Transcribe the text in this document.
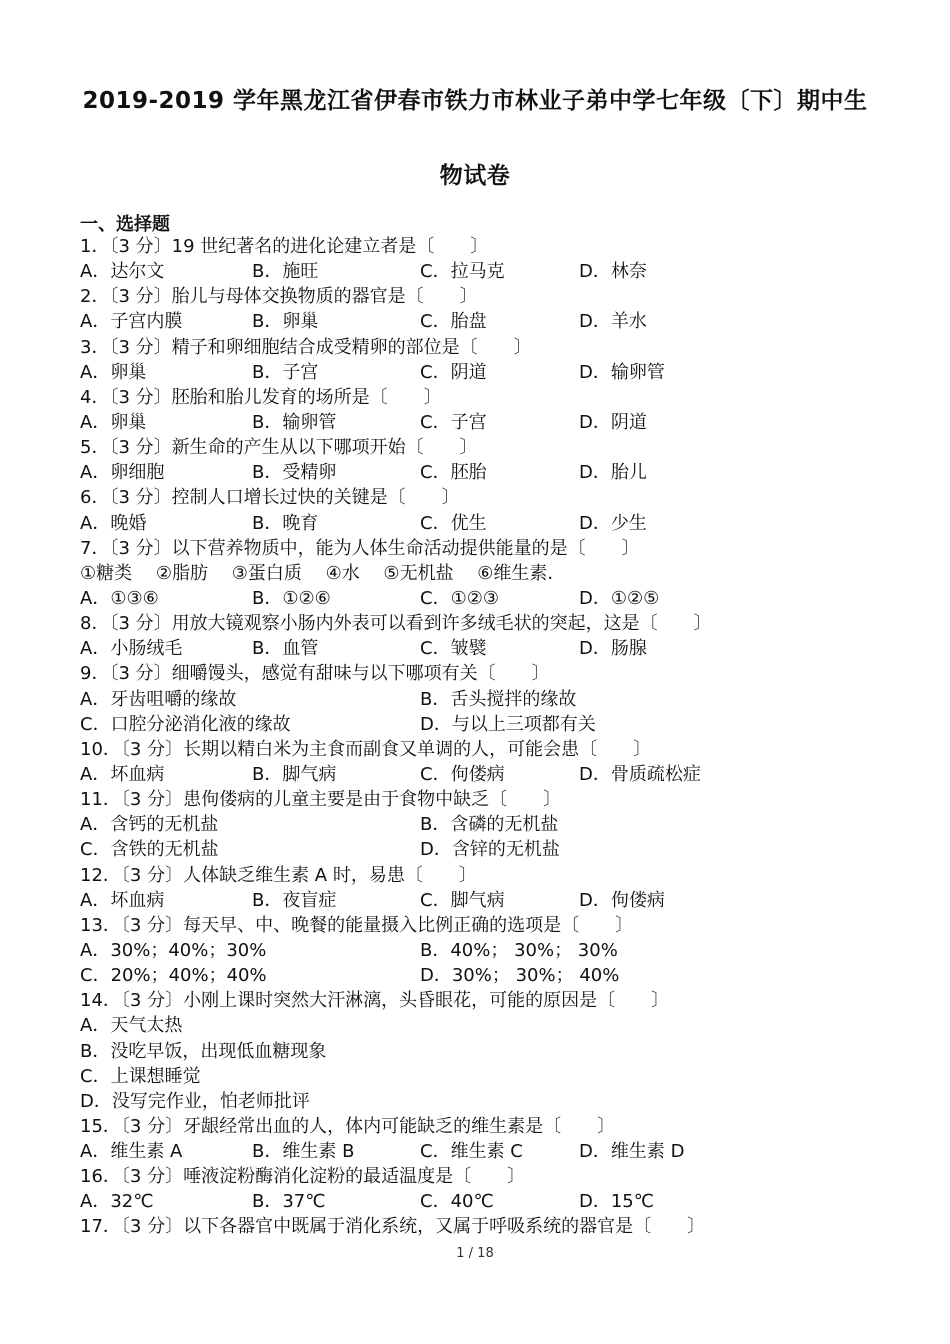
2019-2019 学年黑龙江省伊春市铁力市林业子弟中学七年级〔下〕期中生
物试卷
一、选择题
1．〔3 分〕19 世纪著名的进化论建立者是〔　　〕
A．达尔文	B．施旺	C．拉马克	D．林奈
2．〔3 分〕胎儿与母体交换物质的器官是〔　　〕
A．子宫内膜	B．卵巢	C．胎盘	D．羊水
3．〔3 分〕精子和卵细胞结合成受精卵的部位是〔　　〕
A．卵巢	B．子宫	C．阴道	D．输卵管
4．〔3 分〕胚胎和胎儿发育的场所是〔　　〕
A．卵巢	B．输卵管	C．子宫	D．阴道
5．〔3 分〕新生命的产生从以下哪项开始〔　　〕
A．卵细胞	B．受精卵	C．胚胎	D．胎儿
6．〔3 分〕控制人口增长过快的关键是〔　　〕
A．晚婚	B．晚育	C．优生	D．少生
7．〔3 分〕以下营养物质中，能为人体生命活动提供能量的是〔　　〕
①糖类　 ②脂肪　 ③蛋白质　 ④水　 ⑤无机盐　 ⑥维生素．
A．①③⑥	B．①②⑥	C．①②③	D．①②⑤
8．〔3 分〕用放大镜观察小肠内外表可以看到许多绒毛状的突起，这是〔　　〕
A．小肠绒毛	B．血管	C．皱襞	D．肠腺
9．〔3 分〕细嚼馒头，感觉有甜味与以下哪项有关〔　　〕
A．牙齿咀嚼的缘故	B．舌头搅拌的缘故
C．口腔分泌消化液的缘故	D．与以上三项都有关
10．〔3 分〕长期以精白米为主食而副食又单调的人，可能会患〔　　〕
A．坏血病	B．脚气病	C．佝偻病	D．骨质疏松症
11．〔3 分〕患佝偻病的儿童主要是由于食物中缺乏〔　　〕
A．含钙的无机盐	B．含磷的无机盐
C．含铁的无机盐	D．含锌的无机盐
12．〔3 分〕人体缺乏维生素 A 时，易患〔　　〕
A．坏血病	B．夜盲症	C．脚气病	D．佝偻病
13．〔3 分〕每天早、中、晚餐的能量摄入比例正确的选项是〔　　〕
A．30%；40%；30%	B．40%； 30%； 30%
C．20%；40%；40%	D．30%； 30%； 40%
14．〔3 分〕小刚上课时突然大汗淋漓，头昏眼花，可能的原因是〔　　〕
A．天气太热
B．没吃早饭，出现低血糖现象
C．上课想睡觉
D．没写完作业，怕老师批评
15．〔3 分〕牙龈经常出血的人，体内可能缺乏的维生素是〔　　〕
A．维生素 A	B．维生素 B	C．维生素 C	D．维生素 D
16．〔3 分〕唾液淀粉酶消化淀粉的最适温度是〔　　〕
A．32℃	B．37℃	C．40℃	D．15℃
17．〔3 分〕以下各器官中既属于消化系统，又属于呼吸系统的器官是〔　　〕
1 / 18
